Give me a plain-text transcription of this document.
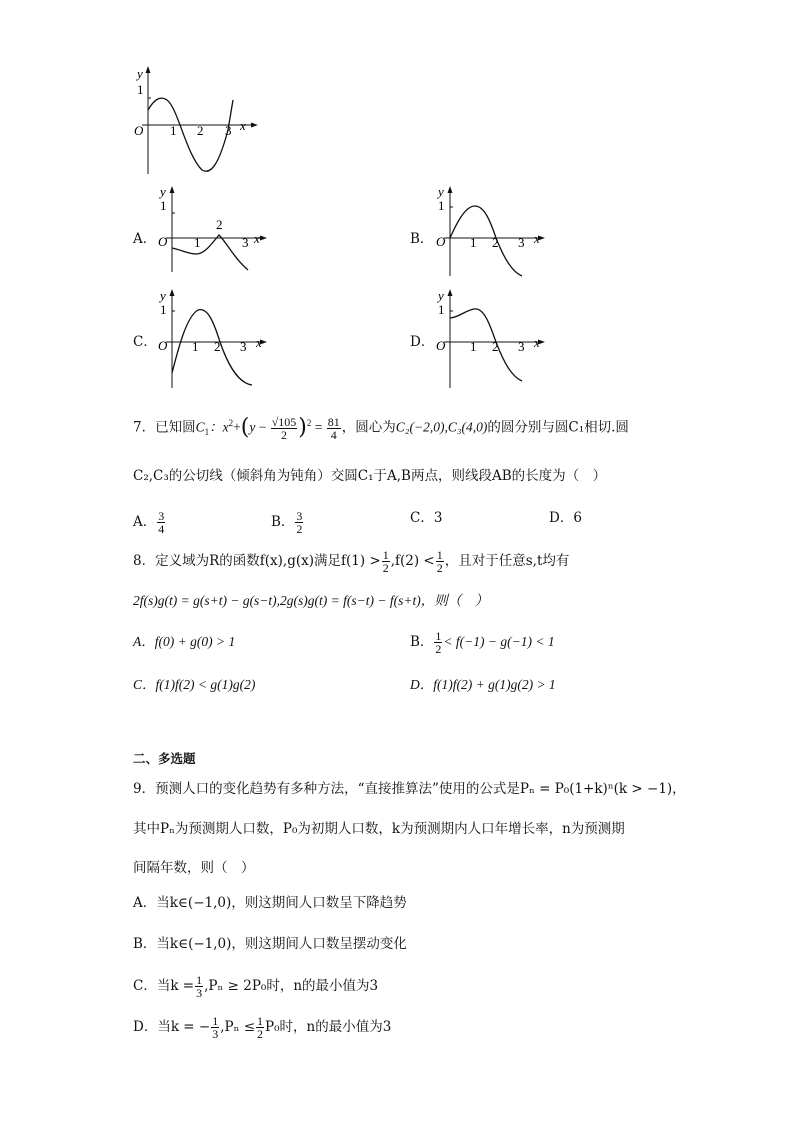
y
1
O 1 2 3 x
A．
y
1
O 1
2
3 x	B．
y
1
O 1 2 3 x
C．
y
1
O 1 2 3 x	D．
y
1
O 1 2 3 x
7．已知圆$C_1$：$x^2+(y - \frac{√105}{2} )^2 = \frac{81}{4}$ ，圆心为C₂(−2,0),C₃(4,0)的圆分别与圆C₁相切.圆
C₂,C₃的公切线（倾斜角为钝角）交圆C₁于A,B两点，则线段AB的长度为（　）
A． $\frac{3}{4}$	B． $\frac{3}{2}$	C．3	D．6
8．定义域为R的函数f(x),g(x)满足$f(1) > \frac{1}{2} ,f(2) < \frac{1}{2}$ ，且对于任意s,t均有
2f(s)g(t) = g(s+t) − g(s−t),2g(s)g(t) = f(s−t) − f(s+t)，则（　）
A．f(0) + g(0) > 1	B． $\frac{1}{2} < f(-1) - g(-1) < 1$
C．f(1)f(2) < g(1)g(2)	D．f(1)f(2) + g(1)g(2) > 1
二、多选题
9．预测人口的变化趋势有多种方法，“直接推算法”使用的公式是Pₙ = P₀(1+k)ⁿ(k > −1)，
其中Pₙ为预测期人口数，P₀为初期人口数，k为预测期内人口年增长率，n为预测期
间隔年数，则（　）
A．当k∈(−1,0)，则这期间人口数呈下降趋势
B．当k∈(−1,0)，则这期间人口数呈摆动变化
C．当$k = \frac{1}{3} ,P_n \ge 2P_0$时，n的最小值为3
D．当k = − $\frac{1}{3} ,P_n \le \frac{1}{2} P_0$时，n的最小值为3
